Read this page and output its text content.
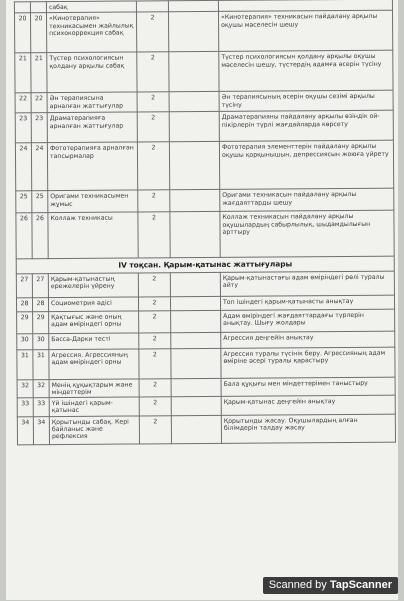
		сабақ			
20	20	«Кинотерапия» техникасымен жайлылық психокоррекция сабақ	2		«Кинотерапия» техникасын пайдалану арқылы оқушы мәселесін шешу
21	21	Түстер психологиясын қолдану арқылы сабақ	2		Түстер психологиясын қолдану арқылы оқушы мәселесін шешу, түстердің адамға әсерін түсіну
22	22	Ән терапиясына арналған жаттығулар	2		Ән терапиясының әсерін оқушы сезімі арқылы түсіну
23	23	Драматерапияға арналған жаттығулар	2		Драматерапияны пайдалану арқылы өзіндік ой-пікірлерін түрлі жағдайларда көрсету
24	24	Фототерапияға арналған тапсырмалар	2		Фототерапия элементтерін пайдалану арқылы оқушы қорқынышын, депрессиясын жоюға үйрету
25	25	Оригами техникасымен жұмыс	2		Оригами техникасын пайдалану арқылы жағдаяттарды шешу
26	26	Коллаж техникасы	2		Коллаж техникасын пайдалану арқылы оқушылардың сабырлылық, шыдамдылығын арттыру
IV тоқсан. Қарым-қатынас жаттығулары					
27	27	Қарым-қатынастың ережелерін үйрену	2		Қарым-қатынастағы адам өміріндегі рөлі туралы айту
28	28	Социометрия әдісі	2		Топ ішіндегі қарым-қатынасты анықтау
29	29	Қақтығыс және оның адам өміріндегі орны	2		Адам өміріндегі жағдаяттардағы түрлерін анықтау. Шығу жолдары
30	30	Басса-Дарки тесті	2		Агрессия деңгейін анықтау
31	31	Агрессия. Агрессияның адам өміріндегі орны	2		Агрессия туралы түсінік беру. Агрессияның адам өміріне әсері туралы қарастыру
32	32	Менің құқықтарым және міндеттерім	2		Бала құқығы мен міндеттерімен таныстыру
33	33	Үй ішіндегі қарым-қатынас	2		Қарым-қатынас деңгейін анықтау
34	34	Қорытынды сабақ. Кері байланыс және рефлексия	2		Қорытынды жасау. Оқушылардың алған білімдерін талдау жасау
Scanned by TapScanner
